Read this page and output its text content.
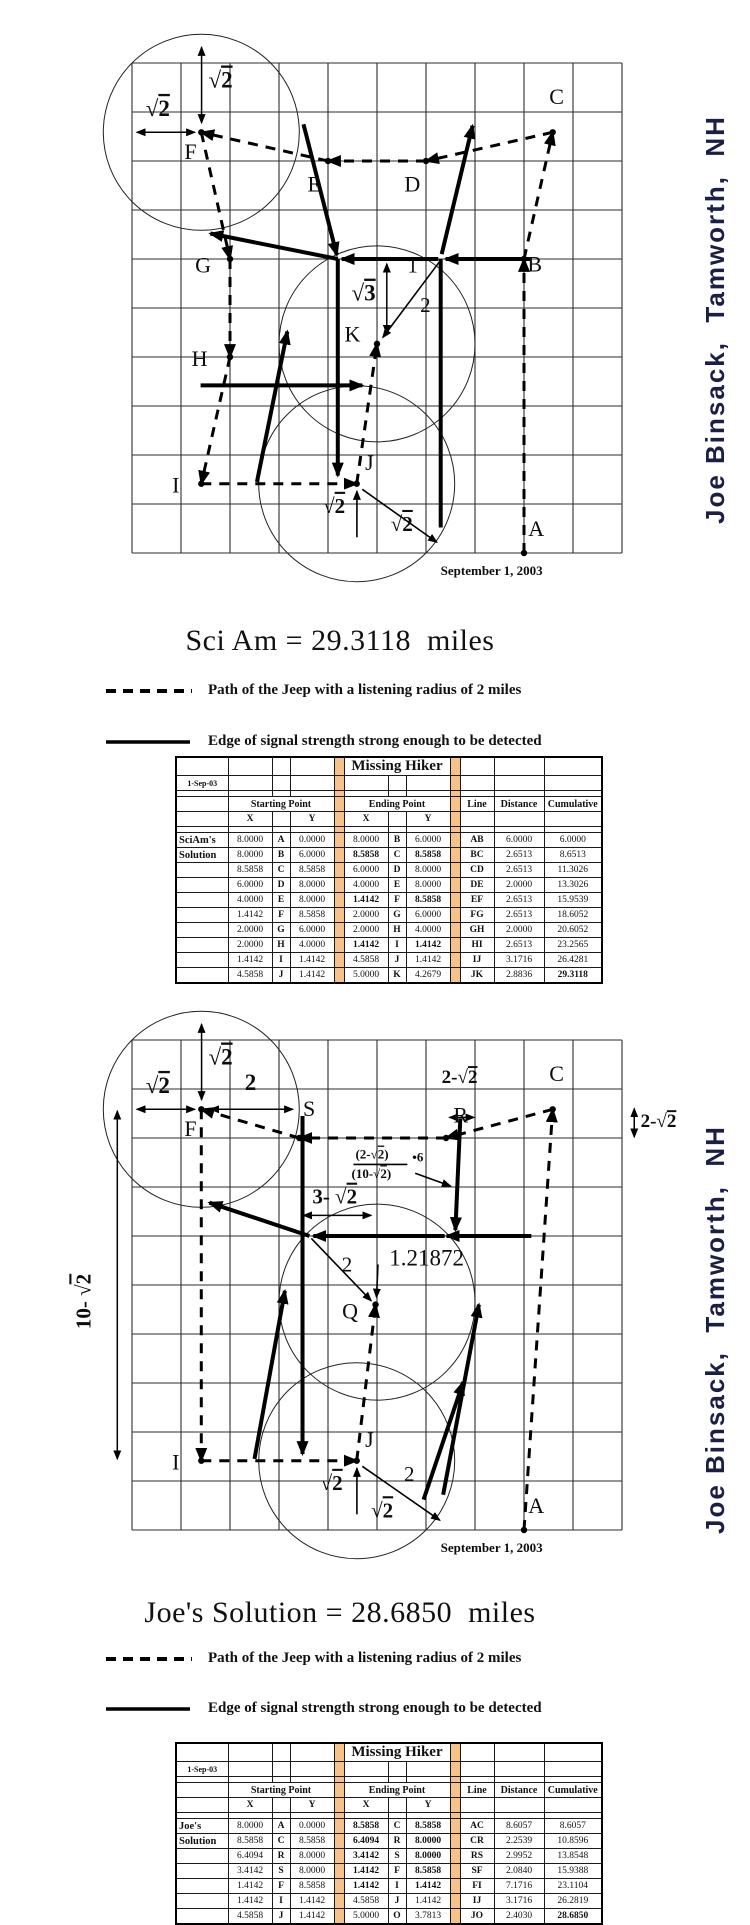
A
B
C
D
E
F
G
H
I
J
K
√2
√2
√3
1
2
√2
√2
September 1, 2003
A
C
R
S
F
I
J
Q
√2
√2	2	2-√2
2-√2
(2-√2)
(10-√2)
•6
3- √2
1.21872
2
10- √2
√2
√2
2
September 1, 2003
Joe Binsack,  Tamworth,  NH
Joe Binsack,  Tamworth,  NH
Sci Am = 29.3118  miles
Joe's Solution = 28.6850  miles
Path of the Jeep with a listening radius of 2 miles
Edge of signal strength strong enough to be detected
Path of the Jeep with a listening radius of 2 miles
Edge of signal strength strong enough to be detected
					Missing Hiker						
1-Sep-03											

	Starting Point				Ending Point				Line	Distance	Cumulative
	X		Y		X		Y				

SciAm's	8.0000	A	0.0000		8.0000	B	6.0000		AB	6.0000	6.0000
Solution	8.0000	B	6.0000		8.5858	C	8.5858		BC	2.6513	8.6513
	8.5858	C	8.5858		6.0000	D	8.0000		CD	2.6513	11.3026
	6.0000	D	8.0000		4.0000	E	8.0000		DE	2.0000	13.3026
	4.0000	E	8.0000		1.4142	F	8.5858		EF	2.6513	15.9539
	1.4142	F	8.5858		2.0000	G	6.0000		FG	2.6513	18.6052
	2.0000	G	6.0000		2.0000	H	4.0000		GH	2.0000	20.6052
	2.0000	H	4.0000		1.4142	I	1.4142		HI	2.6513	23.2565
	1.4142	I	1.4142		4.5858	J	1.4142		IJ	3.1716	26.4281
	4.5858	J	1.4142		5.0000	K	4.2679		JK	2.8836	29.3118
					Missing Hiker						
1-Sep-03											

	Starting Point				Ending Point				Line	Distance	Cumulative
	X		Y		X		Y				

Joe's	8.0000	A	0.0000		8.5858	C	8.5858		AC	8.6057	8.6057
Solution	8.5858	C	8.5858		6.4094	R	8.0000		CR	2.2539	10.8596
	6.4094	R	8.0000		3.4142	S	8.0000		RS	2.9952	13.8548
	3.4142	S	8.0000		1.4142	F	8.5858		SF	2.0840	15.9388
	1.4142	F	8.5858		1.4142	I	1.4142		FI	7.1716	23.1104
	1.4142	I	1.4142		4.5858	J	1.4142		IJ	3.1716	26.2819
	4.5858	J	1.4142		5.0000	O	3.7813		JO	2.4030	28.6850
